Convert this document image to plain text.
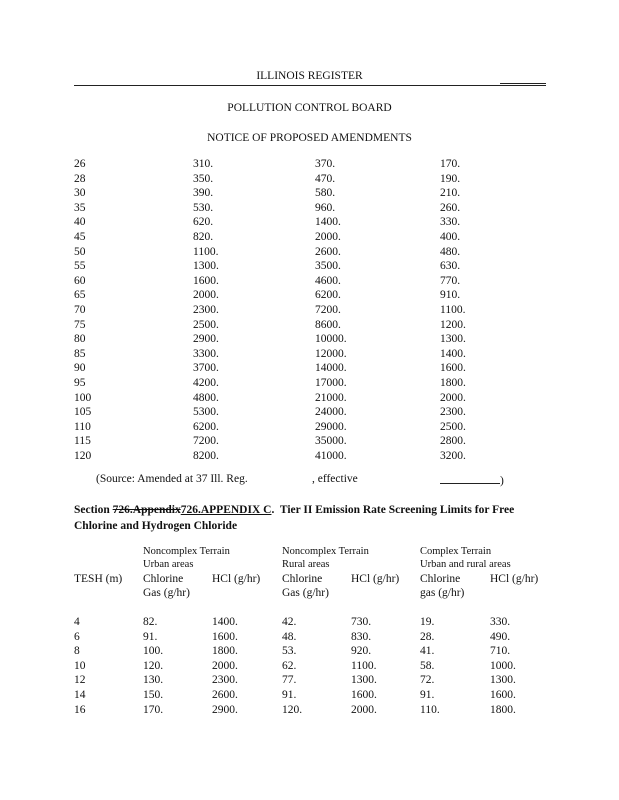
ILLINOIS REGISTER
POLLUTION CONTROL BOARD
NOTICE OF PROPOSED AMENDMENTS
26	310.	370.	170.
28	350.	470.	190.
30	390.	580.	210.
35	530.	960.	260.
40	620.	1400.	330.
45	820.	2000.	400.
50	1100.	2600.	480.
55	1300.	3500.	630.
60	1600.	4600.	770.
65	2000.	6200.	910.
70	2300.	7200.	1100.
75	2500.	8600.	1200.
80	2900.	10000.	1300.
85	3300.	12000.	1400.
90	3700.	14000.	1600.
95	4200.	17000.	1800.
100	4800.	21000.	2000.
105	5300.	24000.	2300.
110	6200.	29000.	2500.
115	7200.	35000.	2800.
120	8200.	41000.	3200.
(Source: Amended at 37 Ill. Reg.	, effective	)
Section 726.Appendix726.APPENDIX C.  Tier II Emission Rate Screening Limits for Free Chlorine and Hydrogen Chloride
Noncomplex Terrain
Urban areas
Noncomplex Terrain
Rural areas
Complex Terrain
Urban and rural areas
TESH (m) Chlorine	HCl (g/hr) Chlorine	HCl (g/hr) Chlorine	HCl (g/hr)
Gas (g/hr)	Gas (g/hr)	gas (g/hr)
4	82.	1400.	42.	730.	19.	330.
6	91.	1600.	48.	830.	28.	490.
8	100.	1800.	53.	920.	41.	710.
10	120.	2000.	62.	1100.	58.	1000.
12	130.	2300.	77.	1300.	72.	1300.
14	150.	2600.	91.	1600.	91.	1600.
16	170.	2900.	120.	2000.	110.	1800.
